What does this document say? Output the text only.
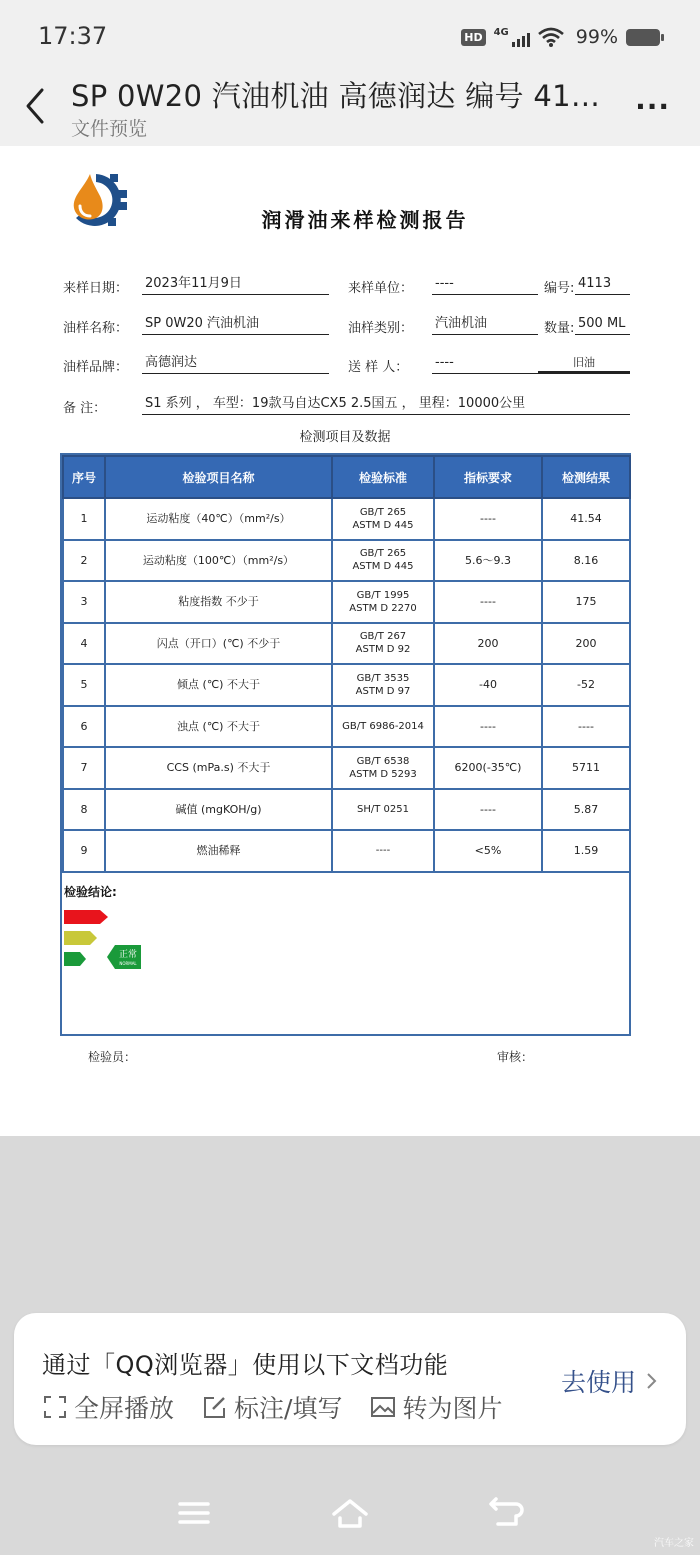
17:37	HD	4G	99%
SP 0W20 汽油机油 高德润达 编号 41…
文件预览
···
润滑油来样检测报告
来样日期： 2023年11月9日	来样单位： ----	编号: 4113
油样名称： SP 0W20 汽油机油	油样类别： 汽油机油	数量: 500 ML
油样品牌： 高德润达	送 样 人： ----	旧油
备 注：	S1 系列 ， 车型：19款马自达CX5 2.5国五 ， 里程：10000公里
检测项目及数据
序号	检验项目名称	检验标准	指标要求	检测结果
1	运动粘度（40℃）（mm²/s）	GB/T 265
ASTM D 445	----	41.54
2	运动粘度（100℃）（mm²/s）	GB/T 265
ASTM D 445	5.6～9.3	8.16
3	粘度指数 不少于	GB/T 1995
ASTM D 2270	----	175
4	闪点（开口）(℃) 不少于	GB/T 267
ASTM D 92	200	200
5	倾点 (℃) 不大于	GB/T 3535
ASTM D 97	-40	-52
6	浊点 (℃) 不大于	GB/T 6986-2014	----	----
7	CCS (mPa.s) 不大于	GB/T 6538
ASTM D 5293	6200(-35℃)	5711
8	碱值 (mgKOH/g)	SH/T 0251	----	5.87
9	燃油稀释	----	<5%	1.59
检验结论:
正常
NORMAL
检验员：	审核：
通过「QQ浏览器」使用以下文档功能
全屏播放 标注/填写 转为图片
去使用
汽车之家
